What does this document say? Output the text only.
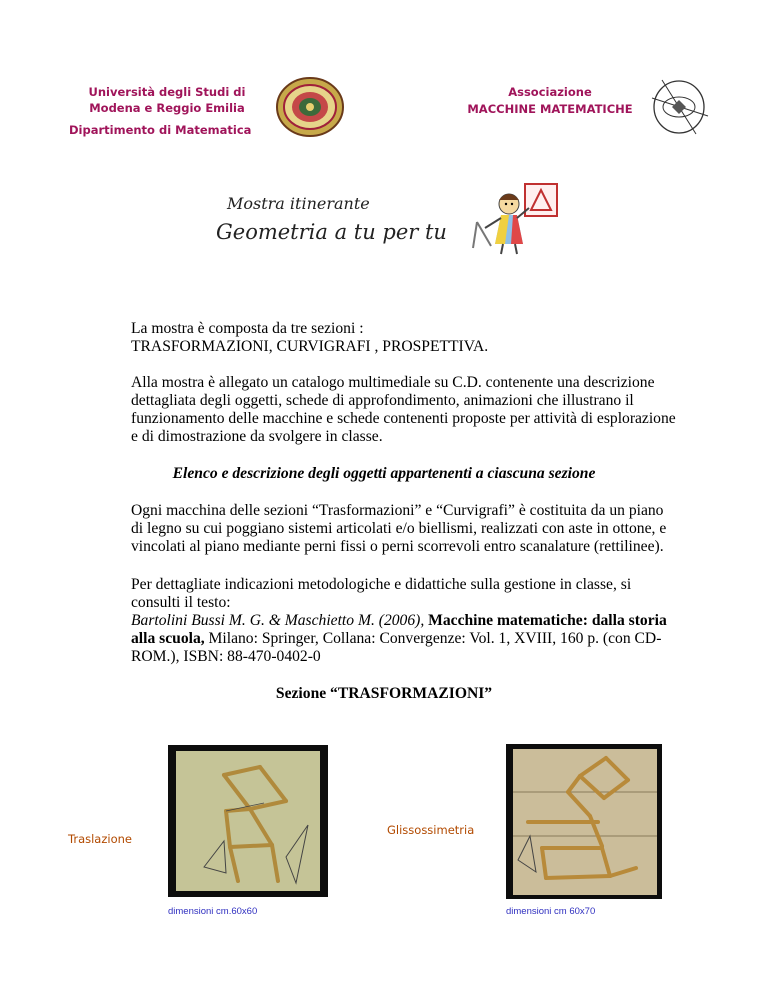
Università degli Studi di
Modena e Reggio Emilia
Dipartimento di Matematica
Associazione
MACCHINE MATEMATICHE
Mostra itinerante
Geometria a tu per tu
La mostra è composta da tre sezioni :
TRASFORMAZIONI, CURVIGRAFI , PROSPETTIVA.
Alla mostra è allegato un catalogo multimediale su C.D. contenente una descrizione
dettagliata degli oggetti, schede di approfondimento, animazioni che illustrano il
funzionamento delle macchine e schede contenenti proposte per attività di esplorazione
e di dimostrazione da svolgere in classe.
Elenco e descrizione degli oggetti appartenenti a ciascuna sezione
Ogni macchina delle sezioni “Trasformazioni” e “Curvigrafi” è costituita da un piano
di legno su cui poggiano sistemi articolati e/o biellismi, realizzati con aste in ottone, e
vincolati al piano mediante perni fissi o perni scorrevoli entro scanalature (rettilinee).
Per dettagliate indicazioni metodologiche e didattiche sulla gestione in classe, si
consulti il testo:
Bartolini Bussi M. G. & Maschietto M. (2006), Macchine matematiche: dalla storia
alla scuola, Milano: Springer, Collana: Convergenze: Vol. 1, XVIII, 160 p. (con CD-
ROM.), ISBN: 88-470-0402-0
Sezione “TRASFORMAZIONI”
Traslazione
dimensioni cm.60x60
Glissossimetria
dimensioni cm 60x70
